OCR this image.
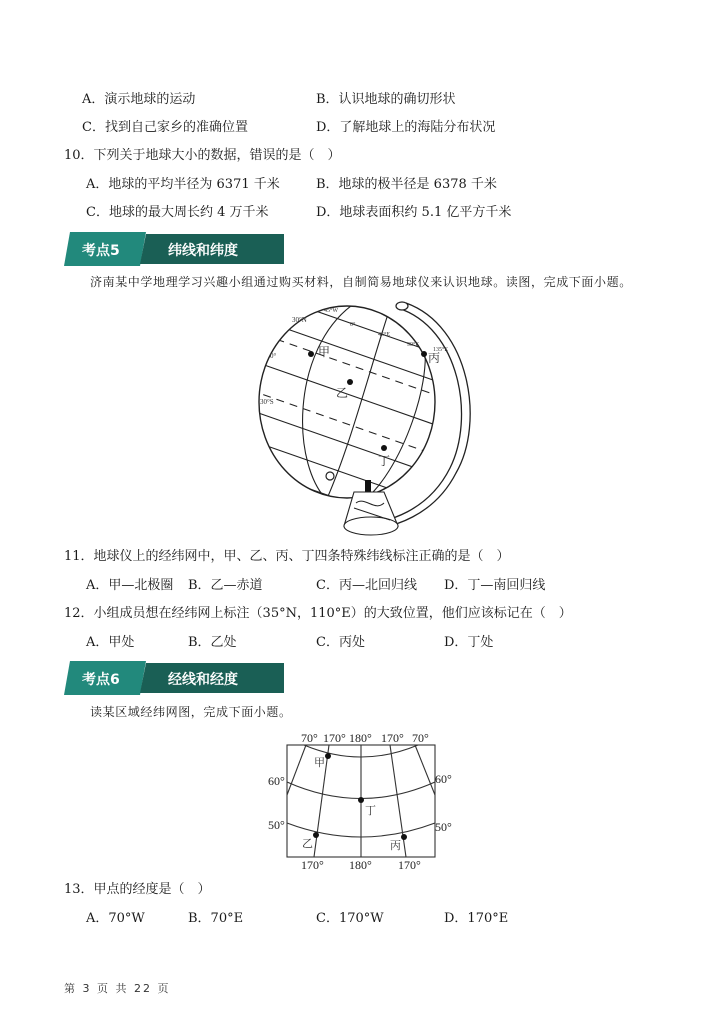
A．演示地球的运动	B．认识地球的确切形状
C．找到自己家乡的准确位置	D．了解地球上的海陆分布状况
10．下列关于地球大小的数据，错误的是（　）
A．地球的平均半径为 6371 千米	B．地球的极半径是 6378 千米
C．地球的最大周长约 4 万千米	D．地球表面积约 5.1 亿平方千米
考点5	纬线和纬度
济南某中学地理学习兴趣小组通过购买材料，自制简易地球仪来认识地球。读图，完成下面小题。
30°N
45°W
0°
45°E
90°E
135°E
0°
30°S
甲
乙
丙
丁
11．地球仪上的经纬网中，甲、乙、丙、丁四条特殊纬线标注正确的是（　）
A．甲—北极圈 B．乙—赤道	C．丙—北回归线 D．丁—南回归线
12．小组成员想在经纬网上标注（35°N，110°E）的大致位置，他们应该标记在（　）
A．甲处	B．乙处	C．丙处	D．丁处
考点6	经线和经度
读某区域经纬网图，完成下面小题。
70° 170° 180° 170° 70°
60°
50°
60°
50°
170° 180° 170°
甲
丁
乙	丙
13．甲点的经度是（　）
A．70°W	B．70°E	C．170°W	D．170°E
第 3 页 共 22 页
